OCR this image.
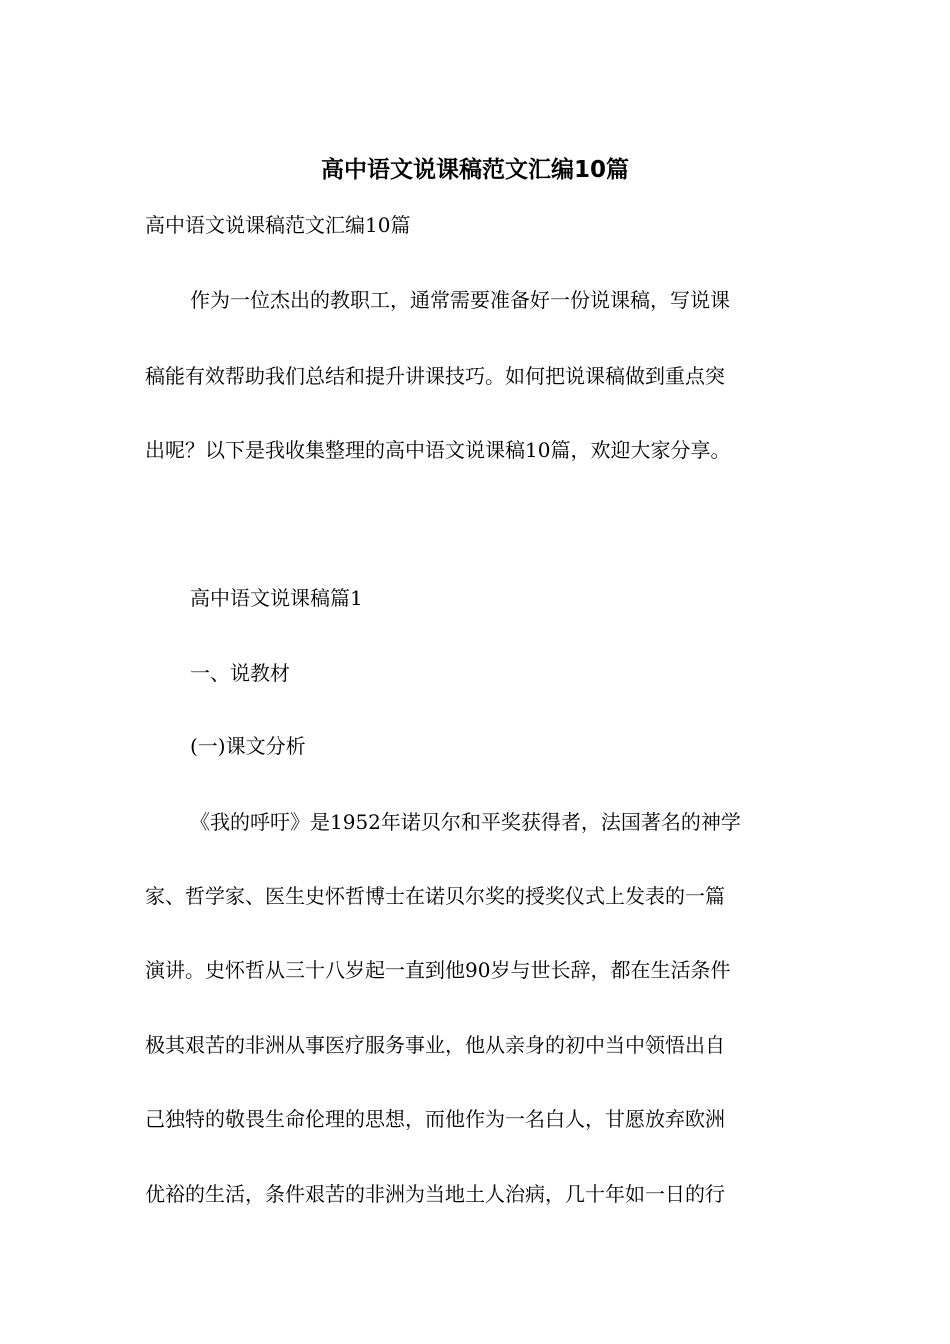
高中语文说课稿范文汇编10篇
高中语文说课稿范文汇编10篇
作为一位杰出的教职工，通常需要准备好一份说课稿，写说课
稿能有效帮助我们总结和提升讲课技巧。如何把说课稿做到重点突
出呢？以下是我收集整理的高中语文说课稿10篇，欢迎大家分享。
高中语文说课稿篇1
一、说教材
(一)课文分析
《我的呼吁》是1952年诺贝尔和平奖获得者，法国著名的神学
家、哲学家、医生史怀哲博士在诺贝尔奖的授奖仪式上发表的一篇
演讲。史怀哲从三十八岁起一直到他90岁与世长辞，都在生活条件
极其艰苦的非洲从事医疗服务事业，他从亲身的初中当中领悟出自
己独特的敬畏生命伦理的思想，而他作为一名白人，甘愿放弃欧洲
优裕的生活，条件艰苦的非洲为当地土人治病，几十年如一日的行
